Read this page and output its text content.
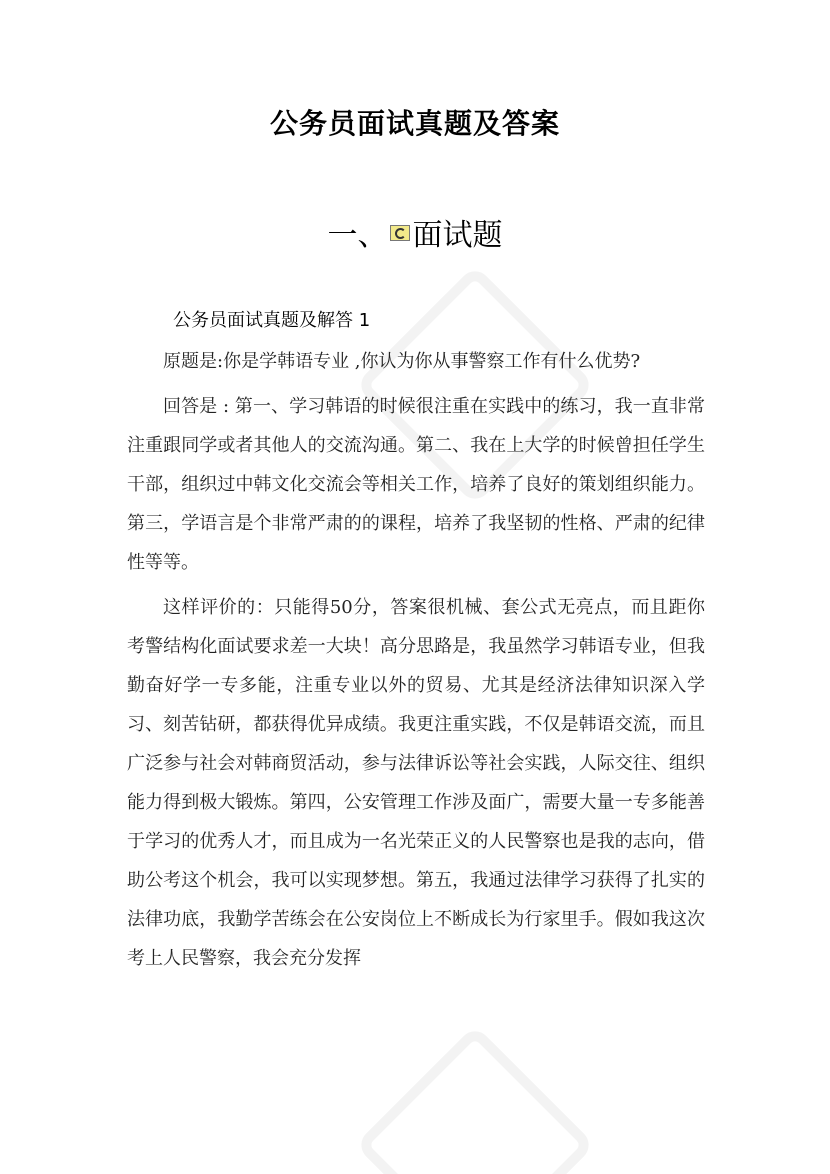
公务员面试真题及答案
一、 面试题
公务员面试真题及解答 1

原题是:你是学韩语专业 ,你认为你从事警察工作有什么优势?

回答是 : 第一、学习韩语的时候很注重在实践中的练习，我一直非常注重跟同学或者其他人的交流沟通。第二、我在上大学的时候曾担任学生干部，组织过中韩文化交流会等相关工作，培养了良好的策划组织能力。第三，学语言是个非常严肃的的课程，培养了我坚韧的性格、严肃的纪律性等等。

这样评价的：只能得50分，答案很机械、套公式无亮点，而且距你考警结构化面试要求差一大块！高分思路是，我虽然学习韩语专业，但我勤奋好学一专多能，注重专业以外的贸易、尤其是经济法律知识深入学习、刻苦钻研，都获得优异成绩。我更注重实践，不仅是韩语交流，而且广泛参与社会对韩商贸活动，参与法律诉讼等社会实践，人际交往、组织能力得到极大锻炼。第四，公安管理工作涉及面广，需要大量一专多能善于学习的优秀人才，而且成为一名光荣正义的人民警察也是我的志向，借助公考这个机会，我可以实现梦想。第五，我通过法律学习获得了扎实的法律功底，我勤学苦练会在公安岗位上不断成长为行家里手。假如我这次考上人民警察，我会充分发挥
